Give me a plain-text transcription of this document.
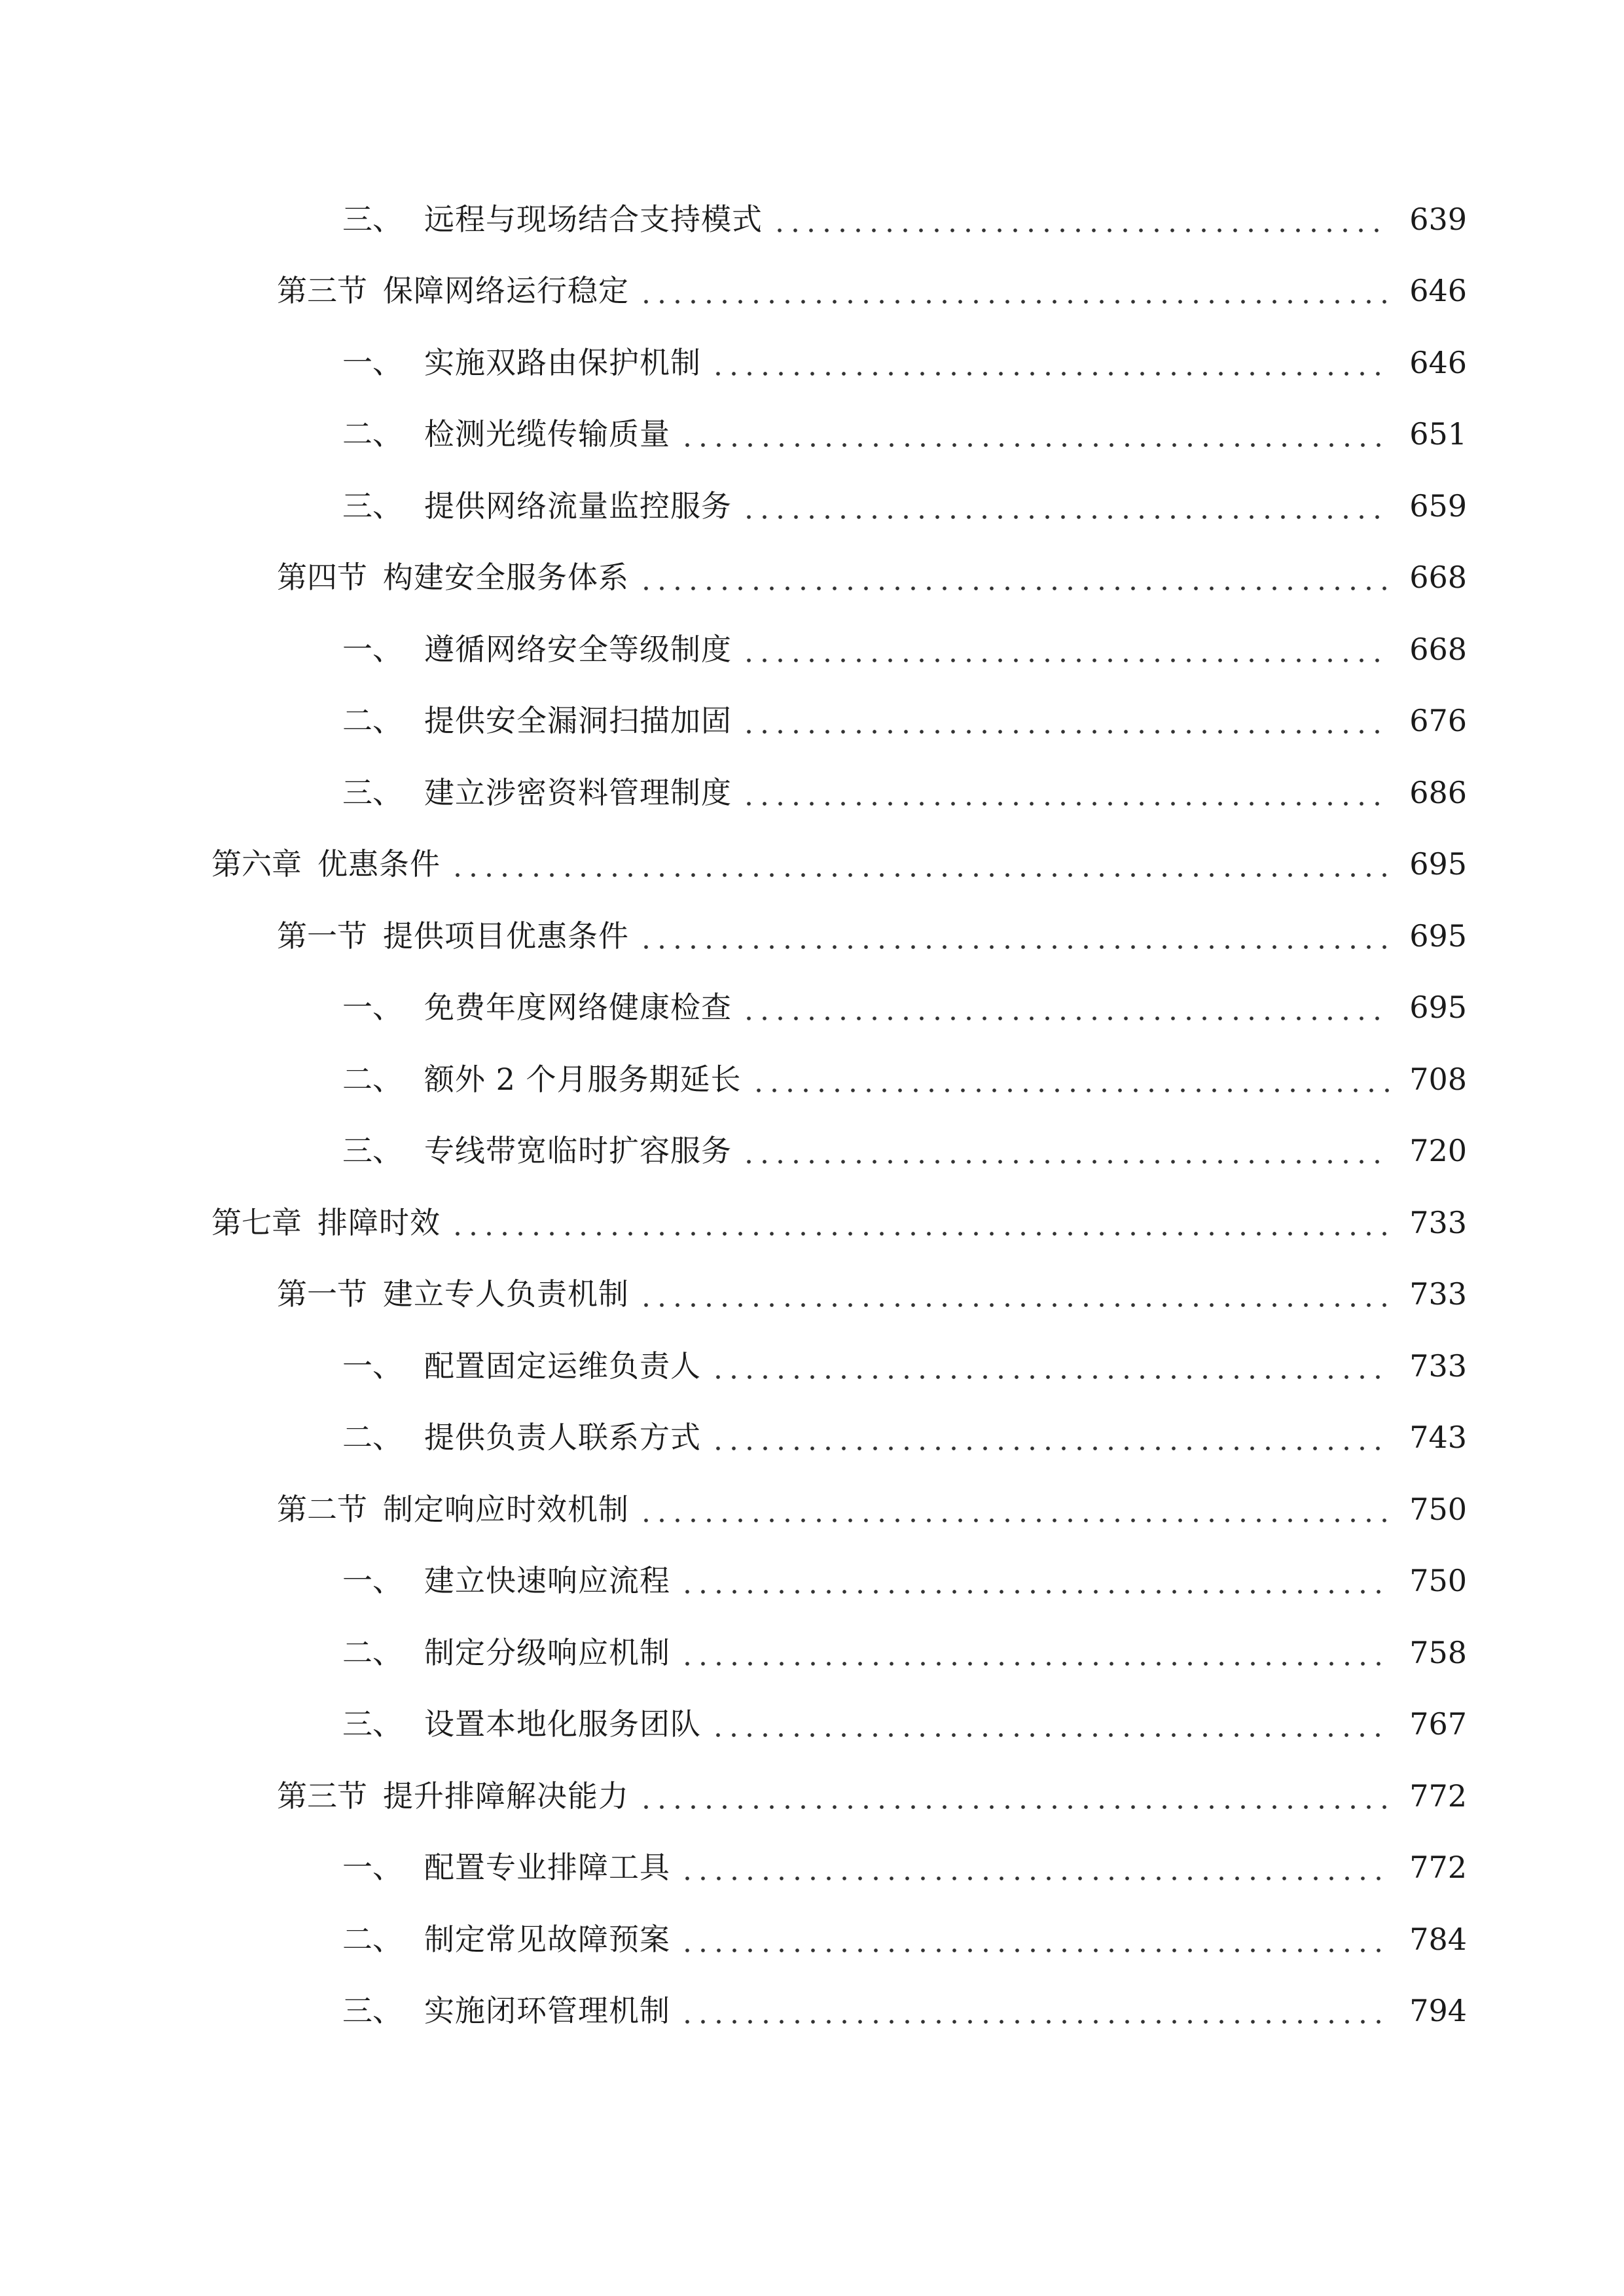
三、 远程与现场结合支持模式	639
第三节 保障网络运行稳定	646
一、 实施双路由保护机制	646
二、 检测光缆传输质量	651
三、 提供网络流量监控服务	659
第四节 构建安全服务体系	668
一、 遵循网络安全等级制度	668
二、 提供安全漏洞扫描加固	676
三、 建立涉密资料管理制度	686
第六章 优惠条件	695
第一节 提供项目优惠条件	695
一、 免费年度网络健康检查	695
二、 额外 2 个月服务期延长	708
三、 专线带宽临时扩容服务	720
第七章 排障时效	733
第一节 建立专人负责机制	733
一、 配置固定运维负责人	733
二、 提供负责人联系方式	743
第二节 制定响应时效机制	750
一、 建立快速响应流程	750
二、 制定分级响应机制	758
三、 设置本地化服务团队	767
第三节 提升排障解决能力	772
一、 配置专业排障工具	772
二、 制定常见故障预案	784
三、 实施闭环管理机制	794
